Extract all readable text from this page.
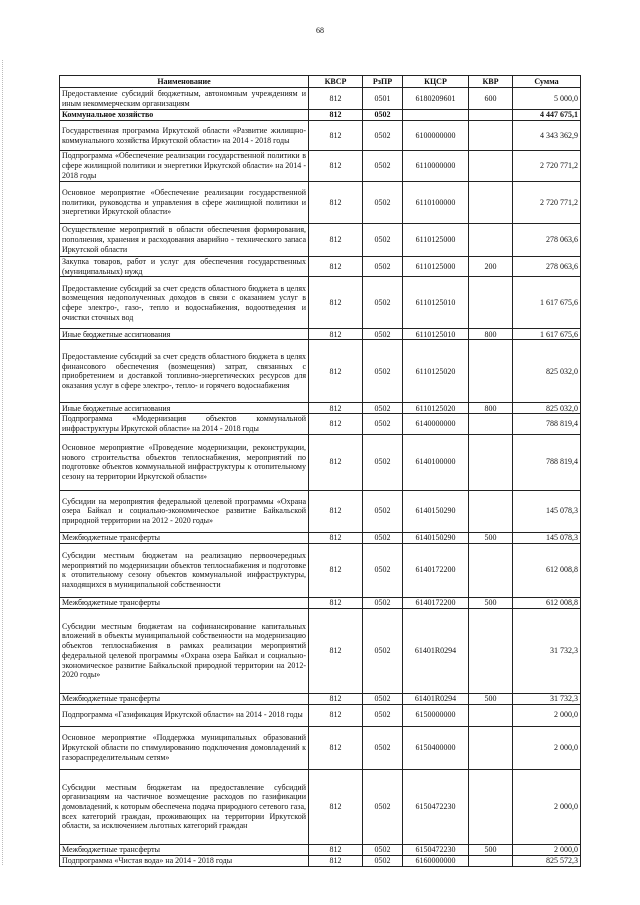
68
Наименование	КВСР	РзПР	КЦСР	КВР	Сумма
Предоставление субсидий бюджетным, автономным учреждениям и иным некоммерческим организациям	812	0501	6180209601	600	5 000,0
Коммунальное хозяйство	812	0502			4 447 675,1
Государственная программа Иркутской области «Развитие жилищно-коммунального хозяйства Иркутской области» на 2014 - 2018 годы	812	0502	6100000000		4 343 362,9
Подпрограмма «Обеспечение реализации государственной политики в сфере жилищной политики и энергетики Иркутской области» на 2014 - 2018 годы	812	0502	6110000000		2 720 771,2
Основное мероприятие «Обеспечение реализации государственной политики, руководства и управления в сфере жилищной политики и энергетики Иркутской области»	812	0502	6110100000		2 720 771,2
Осуществление мероприятий в области обеспечения формирования, пополнения, хранения и расходования аварийно - технического запаса Иркутской области	812	0502	6110125000		278 063,6
Закупка товаров, работ и услуг для обеспечения государственных (муниципальных) нужд	812	0502	6110125000	200	278 063,6
Предоставление субсидий за счет средств областного бюджета в целях возмещения недополученных доходов в связи с оказанием услуг в сфере электро-, газо-, тепло и водоснабжения, водоотведения и очистки сточных вод	812	0502	6110125010		1 617 675,6
Иные бюджетные ассигнования	812	0502	6110125010	800	1 617 675,6
Предоставление субсидий за счет средств областного бюджета в целях финансового обеспечения (возмещения) затрат, связанных с приобретением и доставкой топливно-энергетических ресурсов для оказания услуг в сфере электро-, тепло- и горячего водоснабжения	812	0502	6110125020		825 032,0
Иные бюджетные ассигнования	812	0502	6110125020	800	825 032,0
Подпрограмма «Модернизация объектов коммунальной инфраструктуры Иркутской области» на 2014 - 2018 годы	812	0502	6140000000		788 819,4
Основное мероприятие «Проведение модернизации, реконструкции, нового строительства объектов теплоснабжения, мероприятий по подготовке объектов коммунальной инфраструктуры к отопительному сезону на территории Иркутской области»	812	0502	6140100000		788 819,4
Субсидии на мероприятия федеральной целевой программы «Охрана озера Байкал и социально-экономическое развитие Байкальской природной территории на 2012 - 2020 годы»	812	0502	6140150290		145 078,3
Межбюджетные трансферты	812	0502	6140150290	500	145 078,3
Субсидии местным бюджетам на реализацию первоочередных мероприятий по модернизации объектов теплоснабжения и подготовке к отопительному сезону объектов коммунальной инфраструктуры, находящихся в муниципальной собственности	812	0502	6140172200		612 008,8
Межбюджетные трансферты	812	0502	6140172200	500	612 008,8
Субсидии местным бюджетам на софинансирование капитальных вложений в объекты муниципальной собственности на модернизацию объектов теплоснабжения в рамках реализации мероприятий федеральной целевой программы «Охрана озера Байкал и социально-экономическое развитие Байкальской природной территории на 2012-2020 годы»	812	0502	61401R0294		31 732,3
Межбюджетные трансферты	812	0502	61401R0294	500	31 732,3
Подпрограмма «Газификация Иркутской области» на 2014 - 2018 годы	812	0502	6150000000		2 000,0
Основное мероприятие «Поддержка муниципальных образований Иркутской области по стимулированию подключения домовладений к газораспределительным сетям»	812	0502	6150400000		2 000,0
Субсидии местным бюджетам на предоставление субсидий организациям на частичное возмещение расходов по газификации домовладений, к которым обеспечена подача природного сетевого газа, всех категорий граждан, проживающих на территории Иркутской области, за исключением льготных категорий граждан	812	0502	6150472230		2 000,0
Межбюджетные трансферты	812	0502	6150472230	500	2 000,0
Подпрограмма «Чистая вода» на 2014 - 2018 годы	812	0502	6160000000		825 572,3
